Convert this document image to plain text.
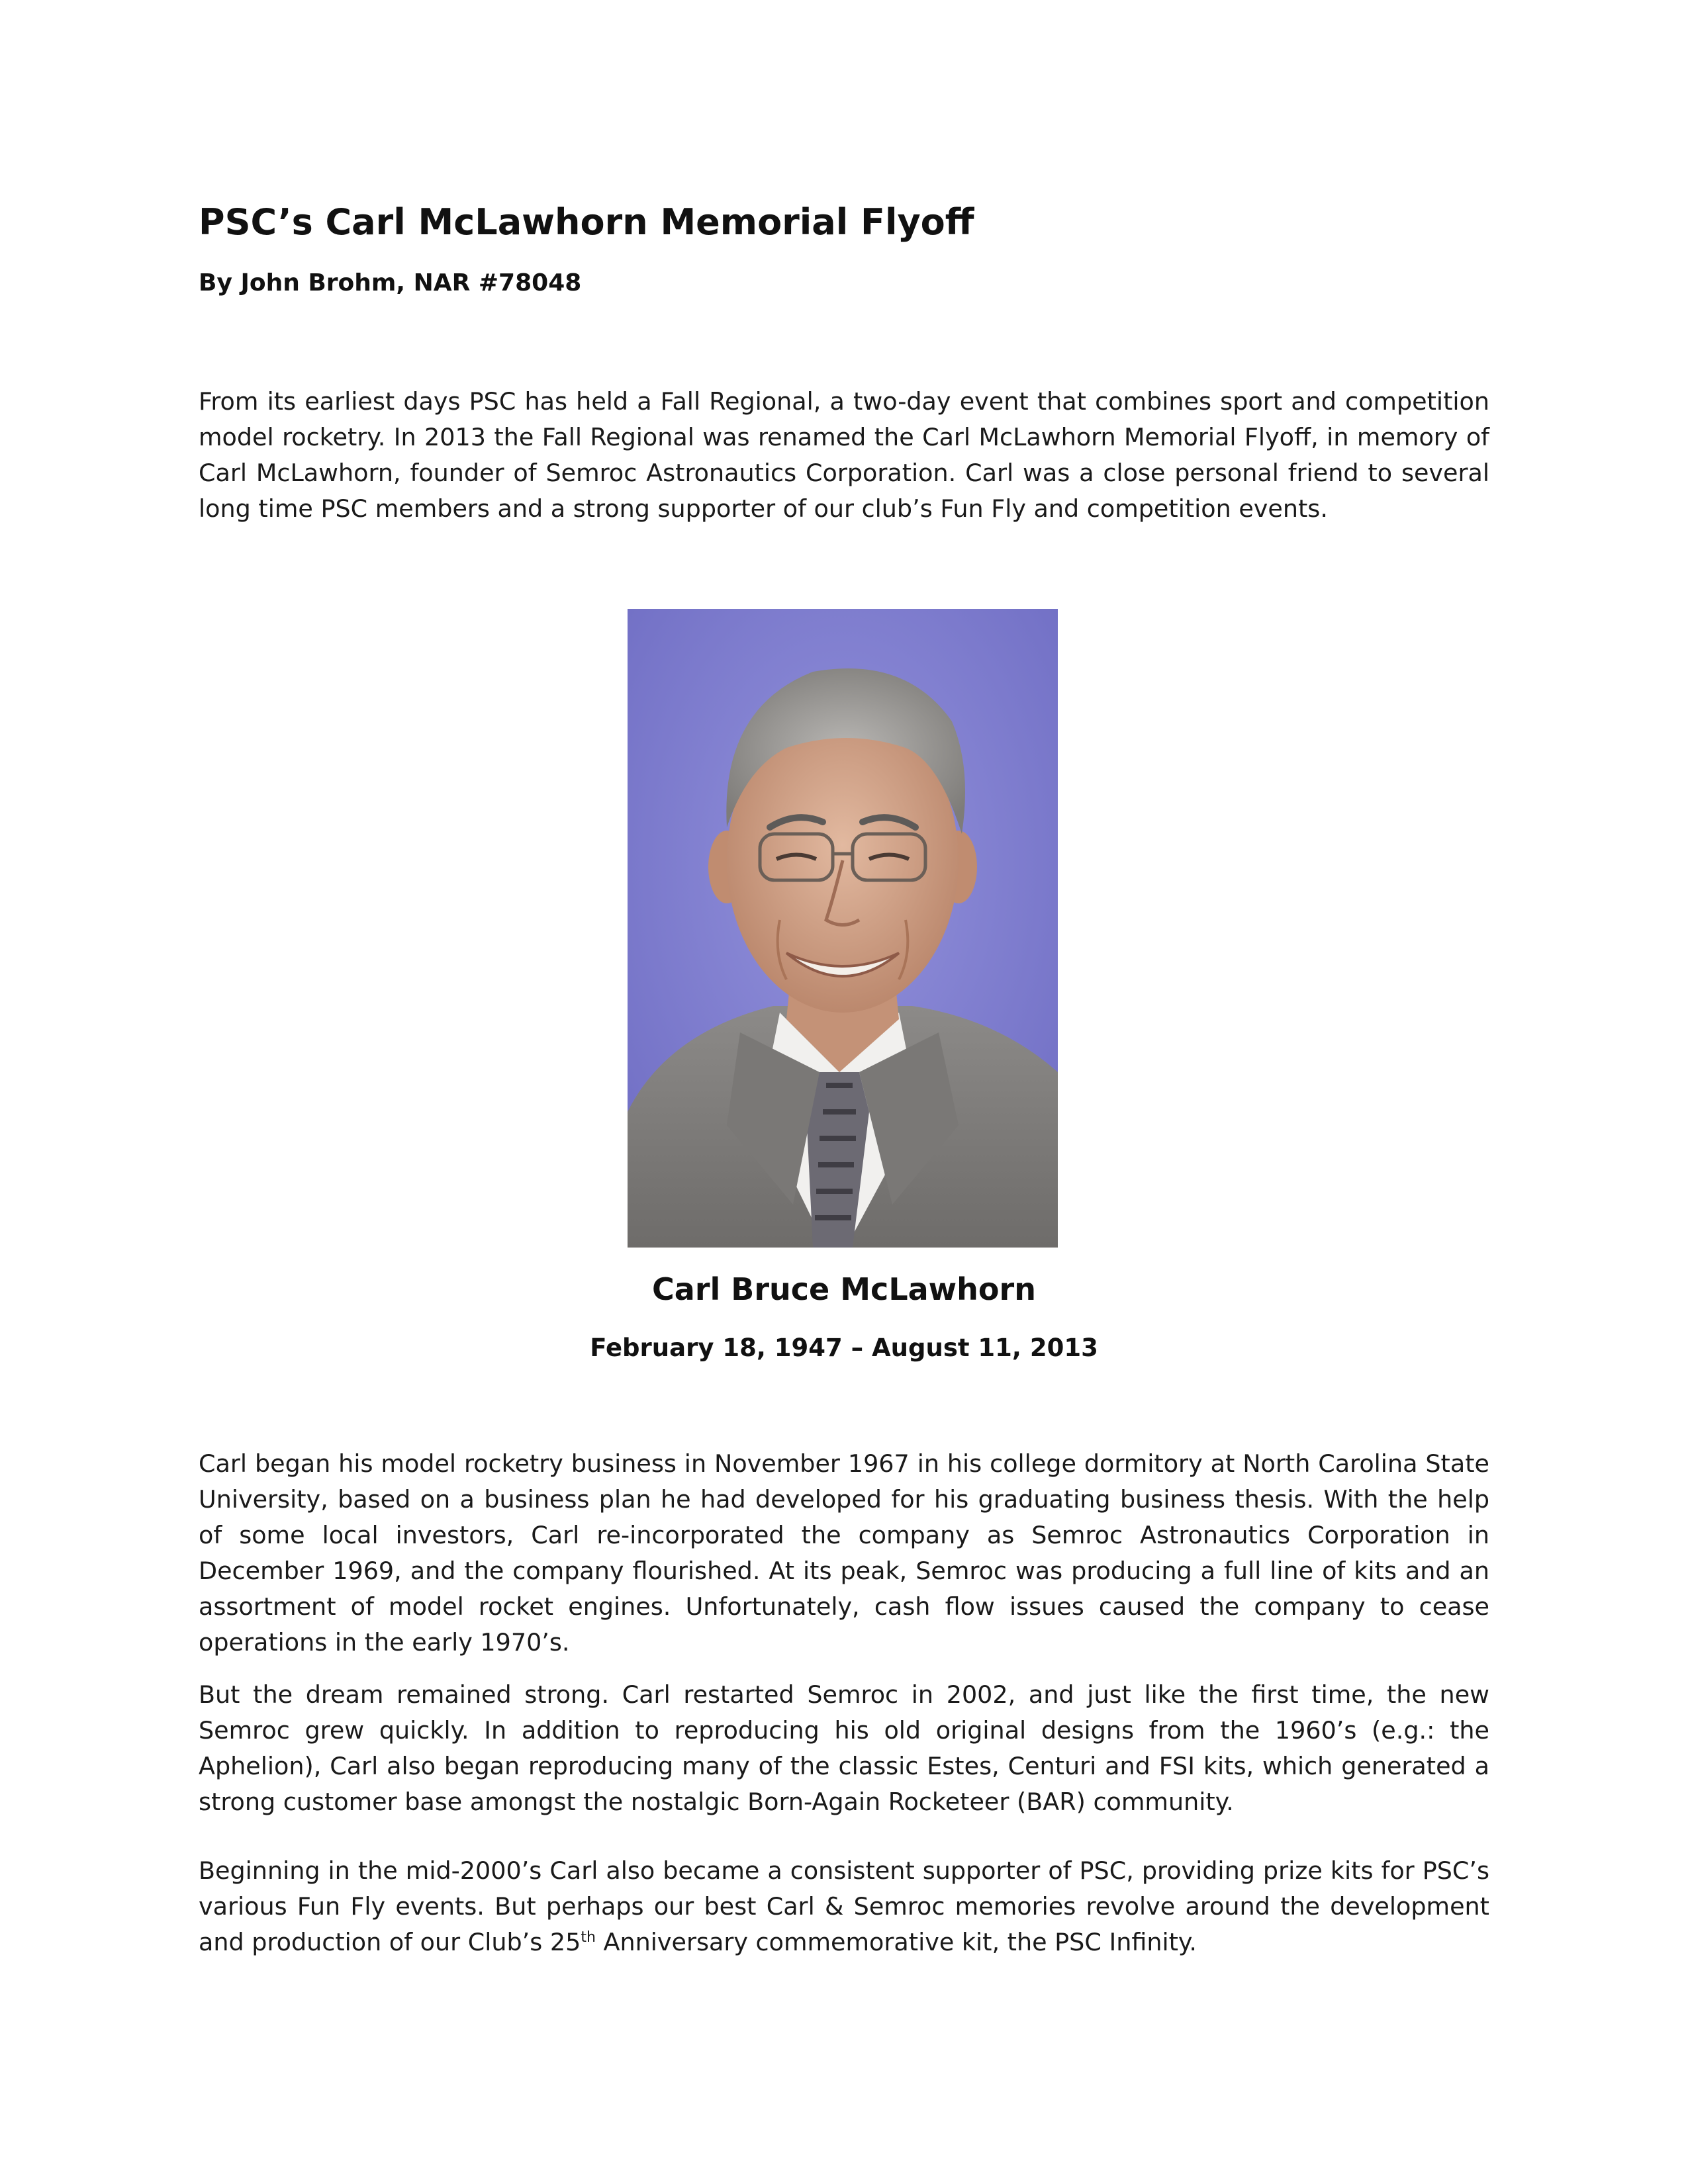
PSC’s Carl McLawhorn Memorial Flyoff

By John Brohm, NAR #78048

From its earliest days PSC has held a Fall Regional, a two-day event that combines sport and competition model rocketry. In 2013 the Fall Regional was renamed the Carl McLawhorn Memorial Flyoff, in memory of Carl McLawhorn, founder of Semroc Astronautics Corporation. Carl was a close personal friend to several long time PSC members and a strong supporter of our club’s Fun Fly and competition events.

Carl Bruce McLawhorn

February 18, 1947 – August 11, 2013

Carl began his model rocketry business in November 1967 in his college dormitory at North Carolina State University, based on a business plan he had developed for his graduating business thesis. With the help of some local investors, Carl re-incorporated the company as Semroc Astronautics Corporation in December 1969, and the company flourished. At its peak, Semroc was producing a full line of kits and an assortment of model rocket engines. Unfortunately, cash flow issues caused the company to cease operations in the early 1970’s.

But the dream remained strong. Carl restarted Semroc in 2002, and just like the first time, the new Semroc grew quickly. In addition to reproducing his old original designs from the 1960’s (e.g.: the Aphelion), Carl also began reproducing many of the classic Estes, Centuri and FSI kits, which generated a strong customer base amongst the nostalgic Born-Again Rocketeer (BAR) community.

Beginning in the mid-2000’s Carl also became a consistent supporter of PSC, providing prize kits for PSC’s various Fun Fly events. But perhaps our best Carl & Semroc memories revolve around the development and production of our Club’s 25th Anniversary commemorative kit, the PSC Infinity.
